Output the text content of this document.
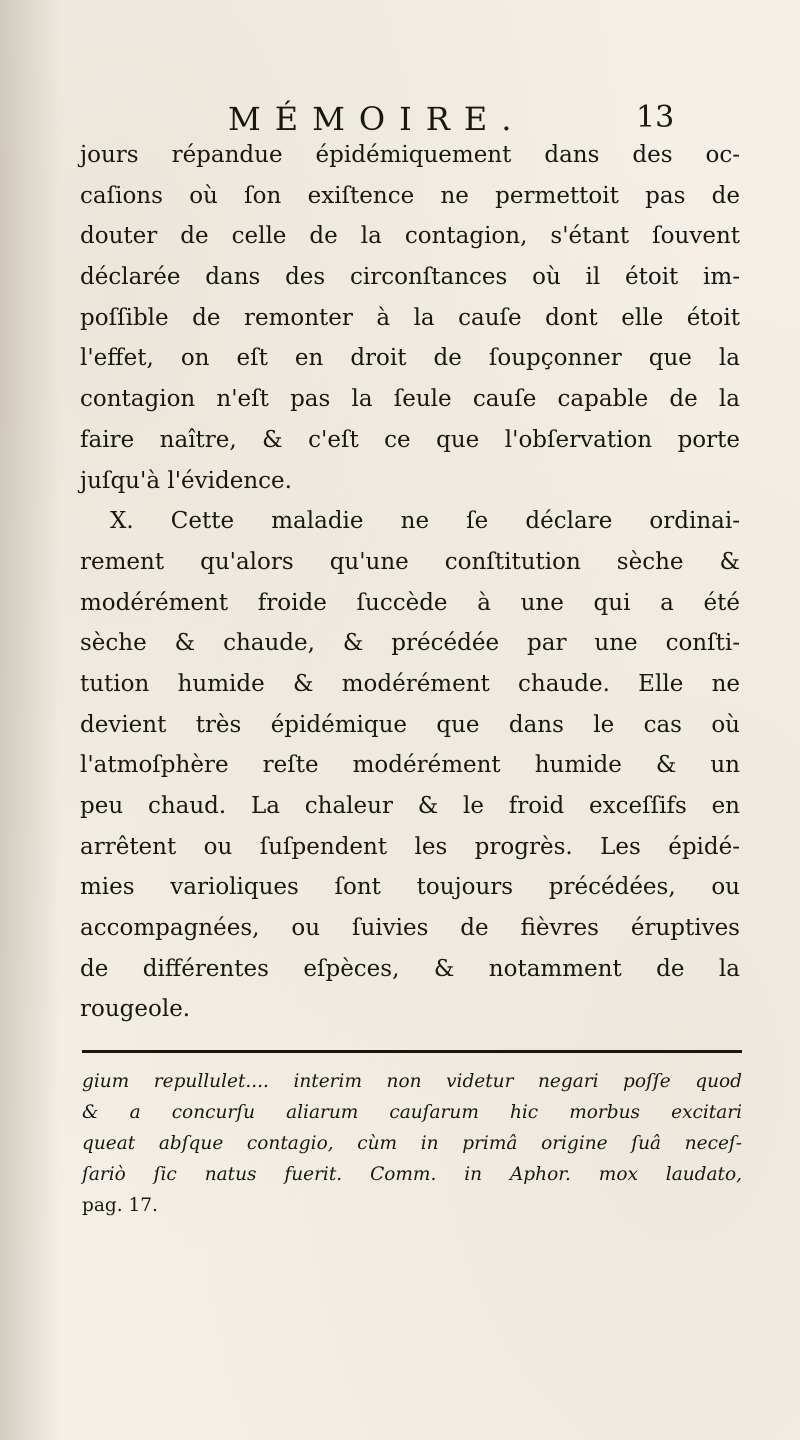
MÉMOIRE.	13
jours répandue épidémiquement dans des oc-
caſions où ſon exiſtence ne permettoit pas de
douter de celle de la contagion, s'étant ſouvent
déclarée dans des circonſtances où il étoit im-
poſſible de remonter à la cauſe dont elle étoit
l'effet, on eſt en droit de ſoupçonner que la
contagion n'eſt pas la ſeule cauſe capable de la
faire naître, & c'eſt ce que l'obſervation porte
juſqu'à l'évidence.
X. Cette maladie ne ſe déclare ordinai-
rement qu'alors qu'une conſtitution sèche &
modérément froide ſuccède à une qui a été
sèche & chaude, & précédée par une conſti-
tution humide & modérément chaude. Elle ne
devient très épidémique que dans le cas où
l'atmoſphère reſte modérément humide & un
peu chaud. La chaleur & le froid exceſſifs en
arrêtent ou ſuſpendent les progrès. Les épidé-
mies varioliques ſont toujours précédées, ou
accompagnées, ou ſuivies de fièvres éruptives
de différentes eſpèces, & notamment de la
rougeole.
gium repullulet.... interim non videtur negari poſſe quod
& a concurſu aliarum cauſarum hic morbus excitari
queat abſque contagio, cùm in primâ origine ſuâ neceſ-
ſariò ſic natus fuerit. Comm. in Aphor. mox laudato,
pag. 17.
